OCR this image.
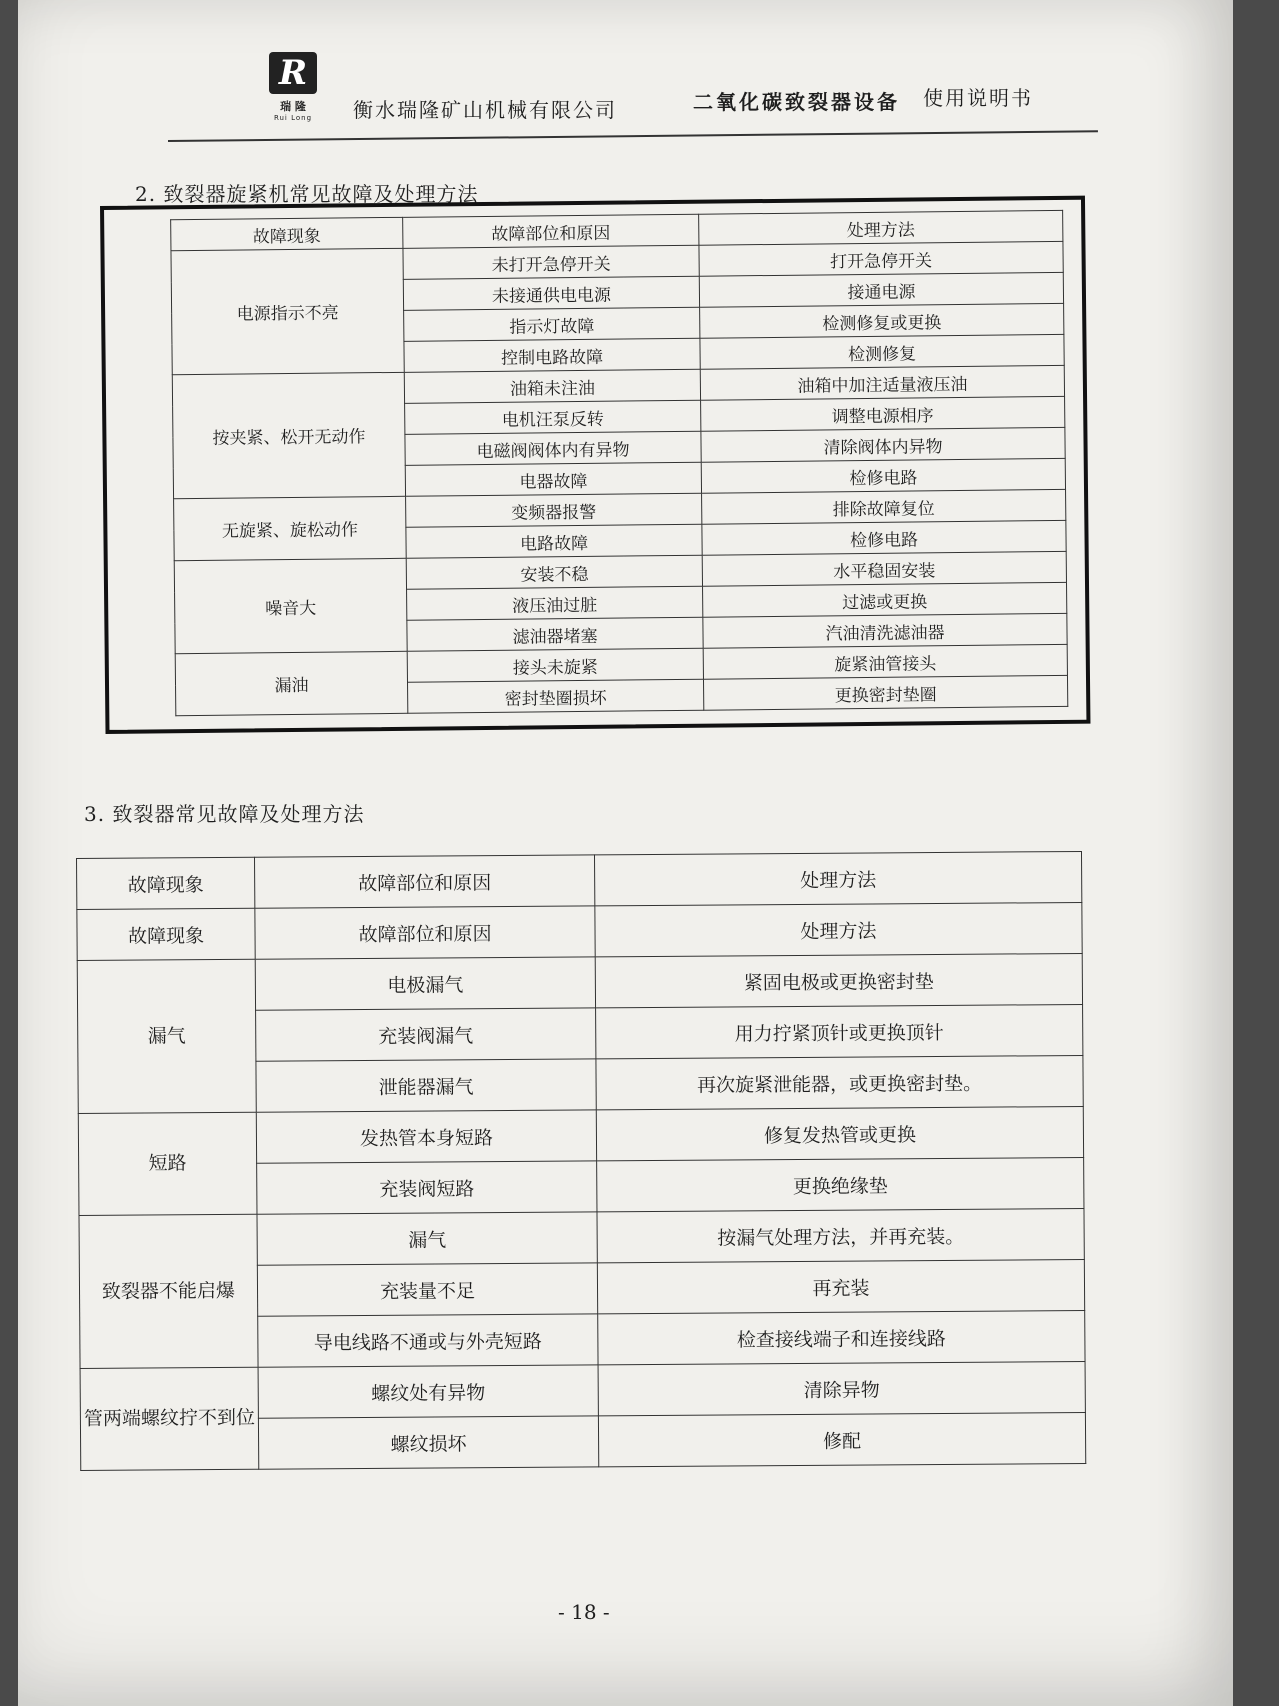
R
瑞 隆
Rui Long	衡水瑞隆矿山机械有限公司	二氧化碳致裂器设备 使用说明书
2. 致裂器旋紧机常见故障及处理方法
故障现象	故障部位和原因	处理方法
电源指示不亮	未打开急停开关	打开急停开关
	未接通供电电源	接通电源
	指示灯故障	检测修复或更换
	控制电路故障	检测修复
按夹紧、松开无动作	油箱未注油	油箱中加注适量液压油
	电机汪泵反转	调整电源相序
	电磁阀阀体内有异物	清除阀体内异物
	电器故障	检修电路
无旋紧、旋松动作	变频器报警	排除故障复位
	电路故障	检修电路
噪音大	安装不稳	水平稳固安装
	液压油过脏	过滤或更换
	滤油器堵塞	汽油清洗滤油器
漏油	接头未旋紧	旋紧油管接头
	密封垫圈损坏	更换密封垫圈
3. 致裂器常见故障及处理方法
故障现象	故障部位和原因	处理方法
故障现象	故障部位和原因	处理方法
漏气	电极漏气	紧固电极或更换密封垫
	充装阀漏气	用力拧紧顶针或更换顶针
	泄能器漏气	再次旋紧泄能器，或更换密封垫。
短路	发热管本身短路	修复发热管或更换
	充装阀短路	更换绝缘垫
致裂器不能启爆	漏气	按漏气处理方法，并再充装。
	充装量不足	再充装
	导电线路不通或与外壳短路	检查接线端子和连接线路
管两端螺纹拧不到位	螺纹处有异物	清除异物
	螺纹损坏	修配
- 18 -
